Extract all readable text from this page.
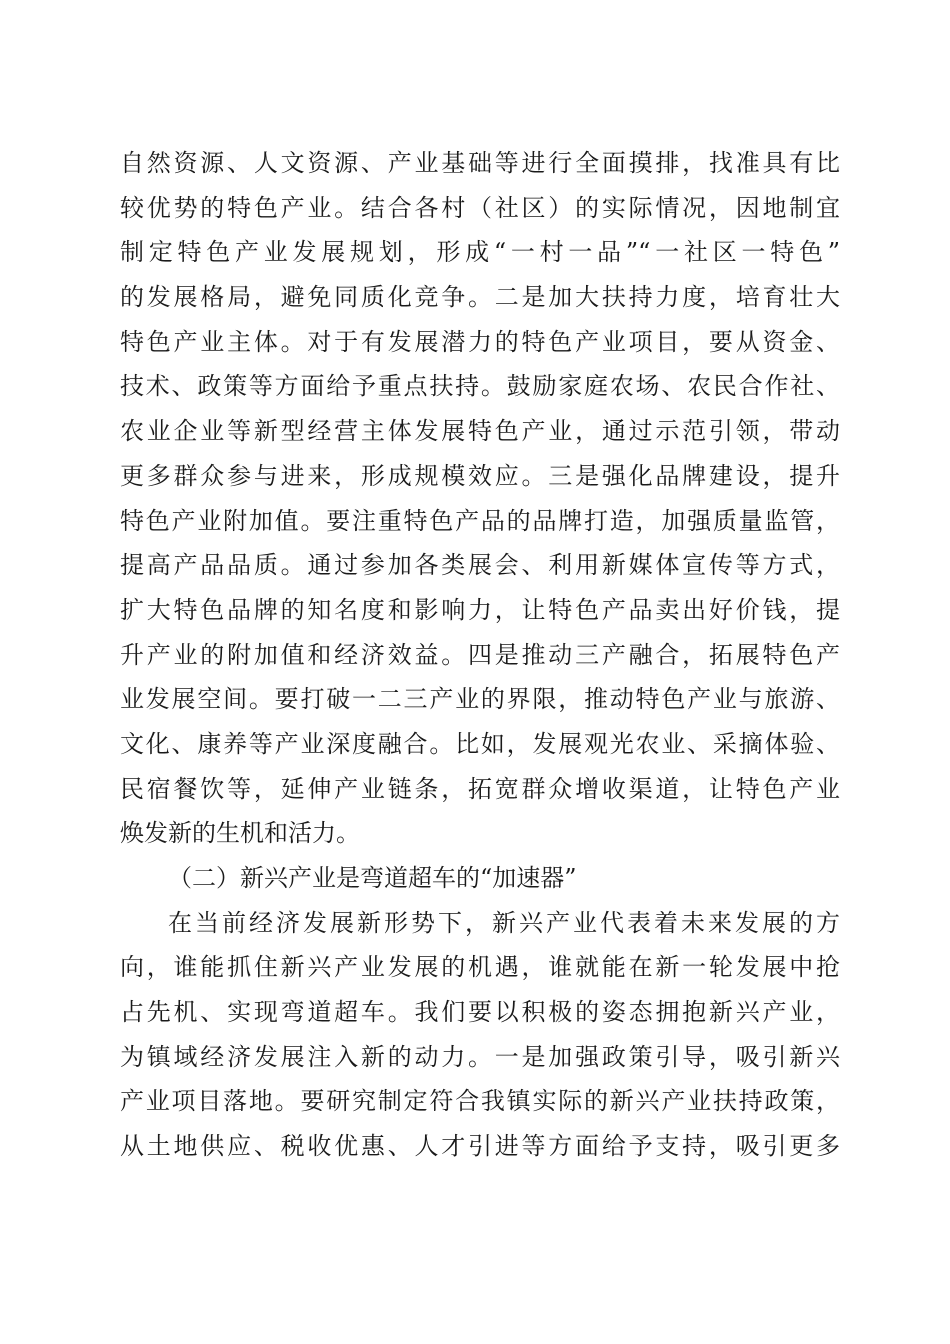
自然资源、人文资源、产业基础等进行全面摸排，找准具有比
较优势的特色产业。结合各村（社区）的实际情况，因地制宜
制定特色产业发展规划，形成“一村一品”“一社区一特色”
的发展格局，避免同质化竞争。二是加大扶持力度，培育壮大
特色产业主体。对于有发展潜力的特色产业项目，要从资金、
技术、政策等方面给予重点扶持。鼓励家庭农场、农民合作社、
农业企业等新型经营主体发展特色产业，通过示范引领，带动
更多群众参与进来，形成规模效应。三是强化品牌建设，提升
特色产业附加值。要注重特色产品的品牌打造，加强质量监管，
提高产品品质。通过参加各类展会、利用新媒体宣传等方式，
扩大特色品牌的知名度和影响力，让特色产品卖出好价钱，提
升产业的附加值和经济效益。四是推动三产融合，拓展特色产
业发展空间。要打破一二三产业的界限，推动特色产业与旅游、
文化、康养等产业深度融合。比如，发展观光农业、采摘体验、
民宿餐饮等，延伸产业链条，拓宽群众增收渠道，让特色产业
焕发新的生机和活力。
（二）新兴产业是弯道超车的“加速器”
在当前经济发展新形势下，新兴产业代表着未来发展的方
向，谁能抓住新兴产业发展的机遇，谁就能在新一轮发展中抢
占先机、实现弯道超车。我们要以积极的姿态拥抱新兴产业，
为镇域经济发展注入新的动力。一是加强政策引导，吸引新兴
产业项目落地。要研究制定符合我镇实际的新兴产业扶持政策，
从土地供应、税收优惠、人才引进等方面给予支持，吸引更多
